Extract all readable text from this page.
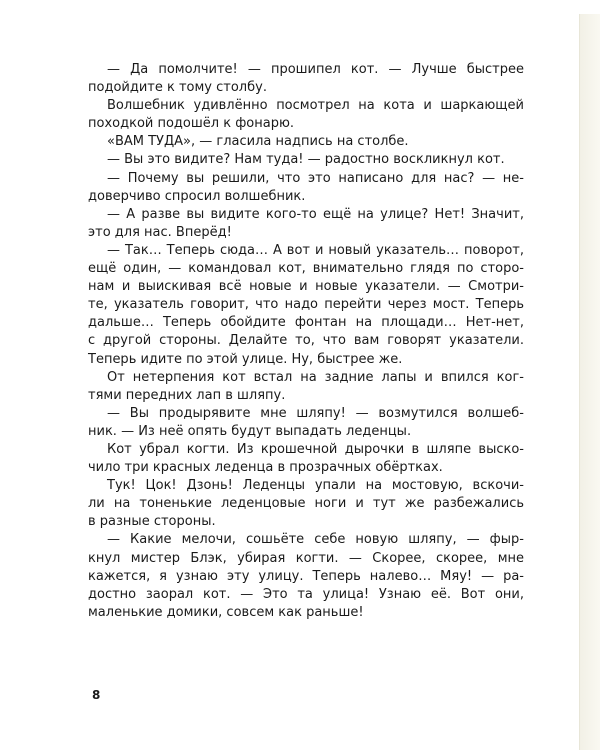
— Да помолчите! — прошипел кот. — Лучше быстрее
подойдите к тому столбу.
Волшебник удивлённо посмотрел на кота и шаркающей
походкой подошёл к фонарю.
«ВАМ ТУДА», — гласила надпись на столбе.
— Вы это видите? Нам туда! — радостно воскликнул кот.
— Почему вы решили, что это написано для нас? — не-
доверчиво спросил волшебник.
— А разве вы видите кого-то ещё на улице? Нет! Значит,
это для нас. Вперёд!
— Так… Теперь сюда… А вот и новый указатель… поворот,
ещё один, — командовал кот, внимательно глядя по сторо-
нам и выискивая всё новые и новые указатели. — Смотри-
те, указатель говорит, что надо перейти через мост. Теперь
дальше… Теперь обойдите фонтан на площади… Нет-нет,
с другой стороны. Делайте то, что вам говорят указатели.
Теперь идите по этой улице. Ну, быстрее же.
От нетерпения кот встал на задние лапы и впился ког-
тями передних лап в шляпу.
— Вы продырявите мне шляпу! — возмутился волшеб-
ник. — Из неё опять будут выпадать леденцы.
Кот убрал когти. Из крошечной дырочки в шляпе выско-
чило три красных леденца в прозрачных обёртках.
Тук! Цок! Дзонь! Леденцы упали на мостовую, вскочи-
ли на тоненькие леденцовые ноги и тут же разбежались
в разные стороны.
— Какие мелочи, сошьёте себе новую шляпу, — фыр-
кнул мистер Блэк, убирая когти. — Скорее, скорее, мне
кажется, я узнаю эту улицу. Теперь налево… Мяу! — ра-
достно заорал кот. — Это та улица! Узнаю её. Вот они,
маленькие домики, совсем как раньше!
8
